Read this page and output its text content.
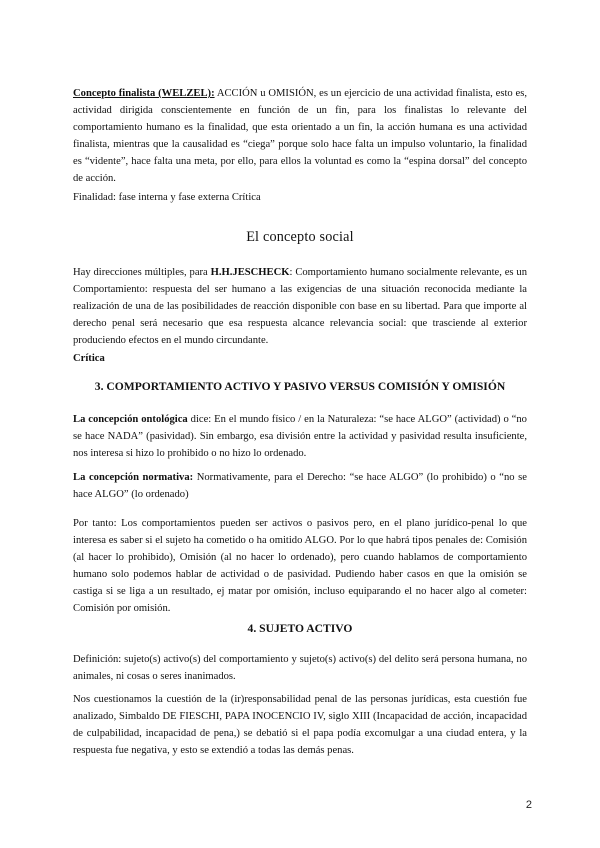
Concepto finalista (WELZEL): ACCIÓN u OMISIÓN, es un ejercicio de una actividad finalista, esto es, actividad dirigida conscientemente en función de un fin, para los finalistas lo relevante del comportamiento humano es la finalidad, que esta orientado a un fin, la acción humana es una actividad finalista, mientras que la causalidad es “ciega” porque solo hace falta un impulso voluntario, la finalidad es “vidente”, hace falta una meta, por ello, para ellos la voluntad es como la “espina dorsal” del concepto de acción.

Finalidad: fase interna y fase externa Crítica

El concepto social

Hay direcciones múltiples, para H.H.JESCHECK: Comportamiento humano socialmente relevante, es un Comportamiento: respuesta del ser humano a las exigencias de una situación reconocida mediante la realización de una de las posibilidades de reacción disponible con base en su libertad. Para que importe al derecho penal será necesario que esa respuesta alcance relevancia social: que trasciende al exterior produciendo efectos en el mundo circundante.

Crítica

3. COMPORTAMIENTO ACTIVO Y PASIVO VERSUS COMISIÓN Y OMISIÓN

La concepción ontológica dice: En el mundo físico / en la Naturaleza: “se hace ALGO” (actividad) o “no se hace NADA” (pasividad). Sin embargo, esa división entre la actividad y pasividad resulta insuficiente, nos interesa si hizo lo prohibido o no hizo lo ordenado.

La concepción normativa: Normativamente, para el Derecho: “se hace ALGO” (lo prohibido) o “no se hace ALGO” (lo ordenado)

Por tanto: Los comportamientos pueden ser activos o pasivos pero, en el plano jurídico-penal lo que interesa es saber si el sujeto ha cometido o ha omitido ALGO. Por lo que habrá tipos penales de: Comisión (al hacer lo prohibido), Omisión (al no hacer lo ordenado), pero cuando hablamos de comportamiento humano solo podemos hablar de actividad o de pasividad. Pudiendo haber casos en que la omisión se castiga si se liga a un resultado, ej matar por omisión, incluso equiparando el no hacer algo al cometer: Comisión por omisión.

4. SUJETO ACTIVO

Definición: sujeto(s) activo(s) del comportamiento y sujeto(s) activo(s) del delito será persona humana, no animales, ni cosas o seres inanimados.

Nos cuestionamos la cuestión de la (ir)responsabilidad penal de las personas jurídicas, esta cuestión fue analizado, Simbaldo DE FIESCHI, PAPA INOCENCIO IV, siglo XIII (Incapacidad de acción, incapacidad de culpabilidad, incapacidad de pena,) se debatió si el papa podía excomulgar a una ciudad entera, y la respuesta fue negativa, y esto se extendió a todas las demás penas.

2
